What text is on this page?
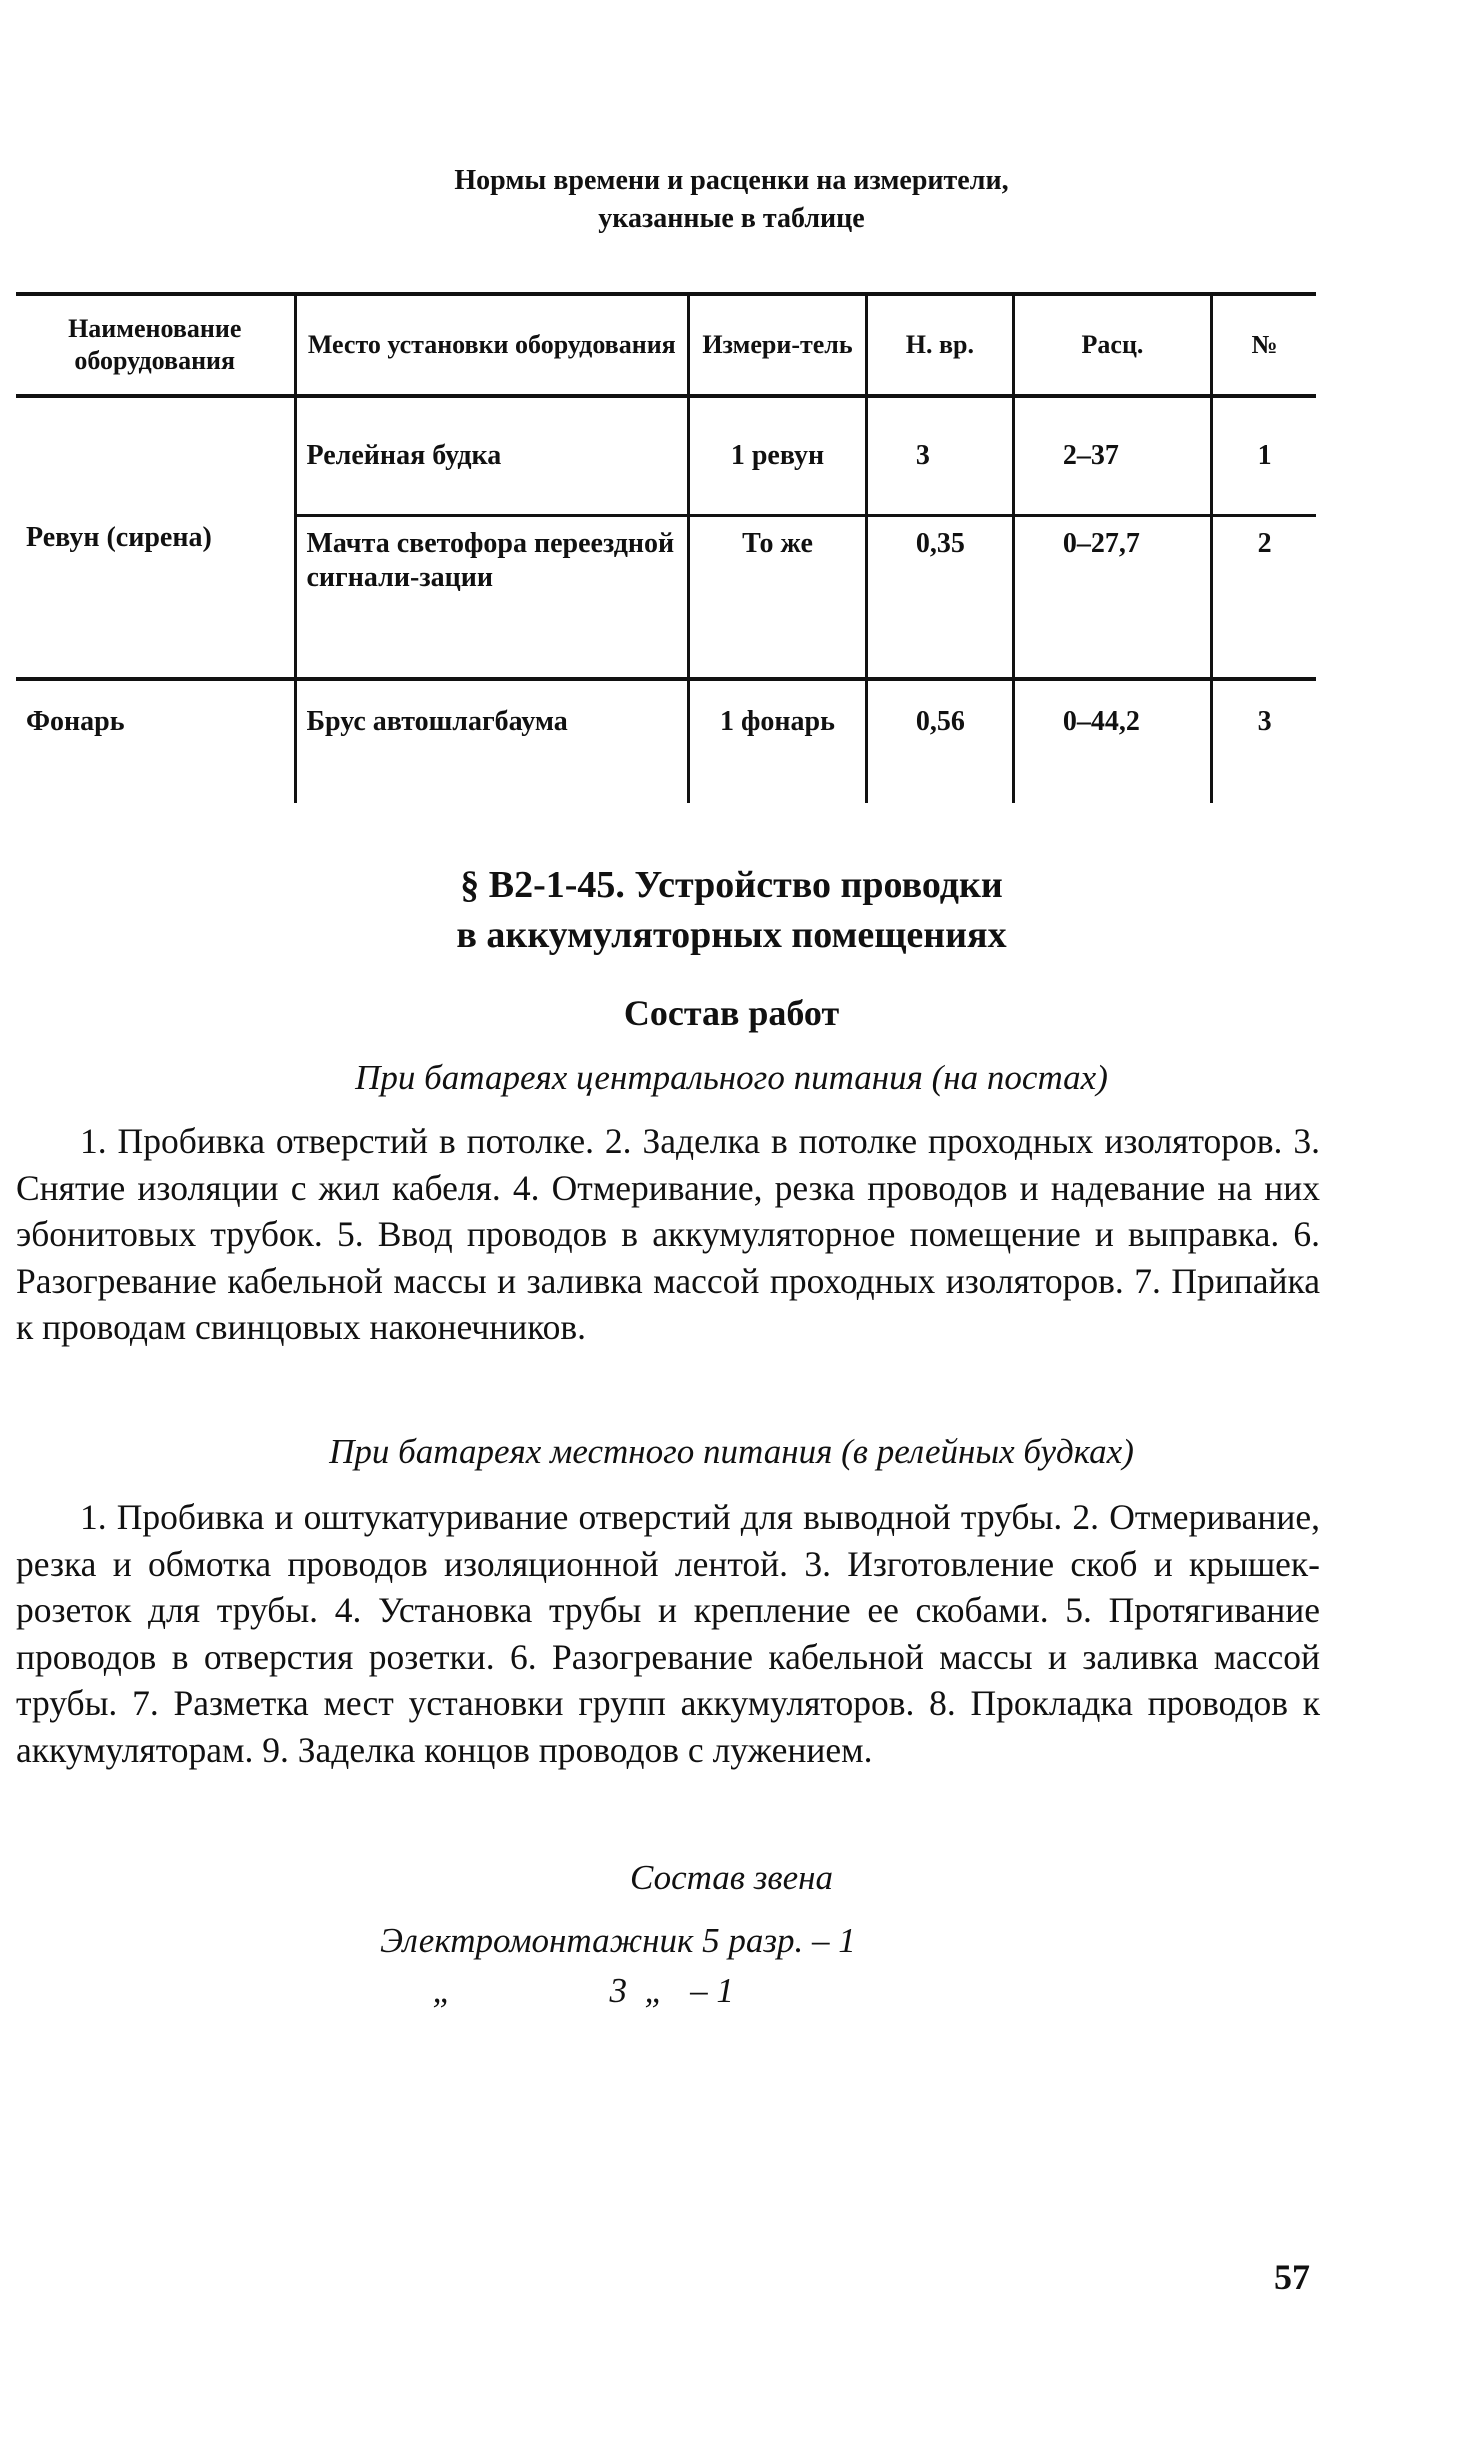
Нормы времени и расценки на измерители,
указанные в таблице
Наименование оборудования	Место установки оборудования	Измери-тель	Н. вр.	Расц.	№
Ревун (сирена)	Релейная будка	1 ревун	3	2–37	1
	Мачта светофора переездной сигнали-зации	То же	0,35	0–27,7	2
Фонарь	Брус автошлагбаума	1 фонарь	0,56	0–44,2	3
§ В2-1-45. Устройство проводки
в аккумуляторных помещениях
Состав работ
При батареях центрального питания (на постах)
1. Пробивка отверстий в потолке. 2. Заделка в потолке проходных изоляторов. 3. Снятие изоляции с жил кабеля. 4. Отмеривание, резка проводов и надевание на них эбонитовых трубок. 5. Ввод проводов в аккумуляторное помещение и выправка. 6. Разогревание кабельной массы и заливка массой проходных изоляторов. 7. Припайка к проводам свинцовых наконечников.
При батареях местного питания (в релейных будках)
1. Пробивка и оштукатуривание отверстий для выводной трубы. 2. Отмеривание, резка и обмотка проводов изоляционной лентой. 3. Изготовление скоб и крышек-розеток для трубы. 4. Установка трубы и крепление ее скобами. 5. Протягивание проводов в отверстия розетки. 6. Разогревание кабельной массы и заливка массой трубы. 7. Разметка мест установки групп аккумуляторов. 8. Прокладка проводов к аккумуляторам. 9. Заделка концов проводов с лужением.
Состав звена
Электромонтажник 5 разр. – 1
„                  3  „   – 1
57
